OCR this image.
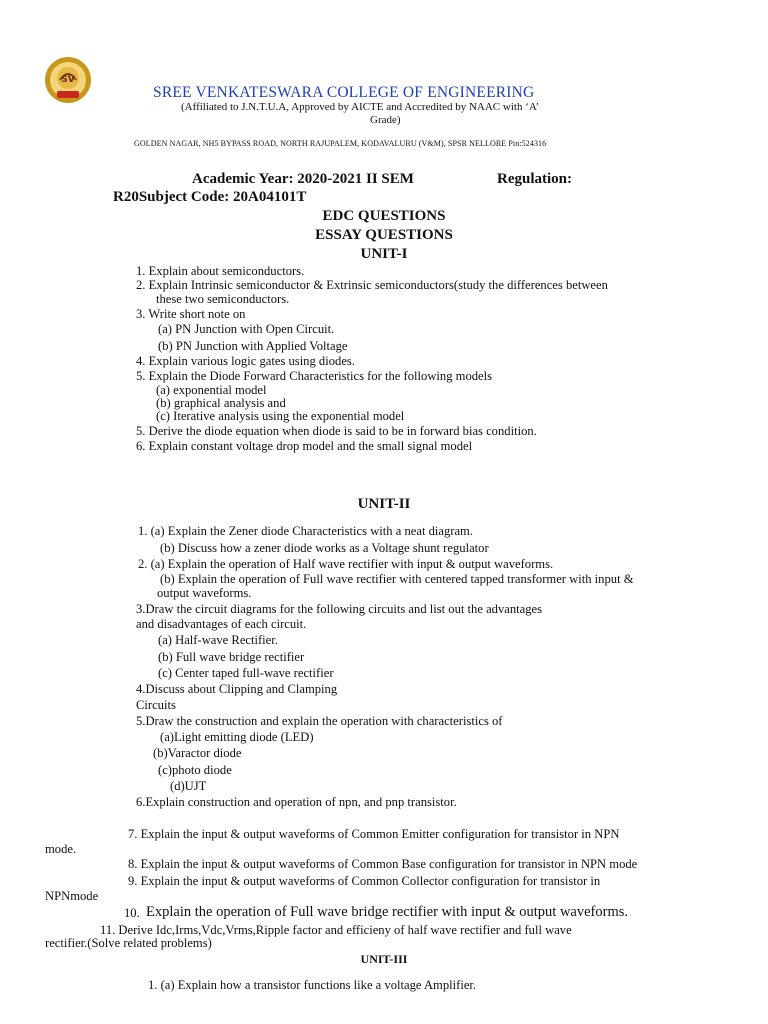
SV
SREE VENKATESWARA COLLEGE OF ENGINEERING
(Affiliated to J.N.T.U.A, Approved by AICTE and Accredited by NAAC with ‘A’
Grade)
GOLDEN NAGAR, NH5 BYPASS ROAD, NORTH RAJUPALEM, KODAVALURU (V&M), SPSR NELLORE Pin:524316
Academic Year: 2020-2021 II SEM	Regulation:
R20Subject Code: 20A04101T
EDC QUESTIONS
ESSAY QUESTIONS
UNIT-I
1. Explain about semiconductors.
2. Explain Intrinsic semiconductor & Extrinsic semiconductors(study the differences between
these two semiconductors.
3. Write short note on
(a) PN Junction with Open Circuit.
(b) PN Junction with Applied Voltage
4. Explain various logic gates using diodes.
5. Explain the Diode Forward Characteristics for the following models
(a) exponential model
(b) graphical analysis and
(c) Iterative analysis using the exponential model
5. Derive the diode equation when diode is said to be in forward bias condition.
6. Explain constant voltage drop model and the small signal model
UNIT-II
1. (a) Explain the Zener diode Characteristics with a neat diagram.
(b) Discuss how a zener diode works as a Voltage shunt regulator
2. (a) Explain the operation of Half wave rectifier with input & output waveforms.
(b) Explain the operation of Full wave rectifier with centered tapped transformer with input &
output waveforms.
3.Draw the circuit diagrams for the following circuits and list out the advantages
and disadvantages of each circuit.
(a) Half-wave Rectifier.
(b) Full wave bridge rectifier
(c) Center taped full-wave rectifier
4.Discuss about Clipping and Clamping
Circuits
5.Draw the construction and explain the operation with characteristics of
(a)Light emitting diode (LED)
(b)Varactor diode
(c)photo diode
(d)UJT
6.Explain construction and operation of npn, and pnp transistor.
7. Explain the input & output waveforms of Common Emitter configuration for transistor in NPN
mode.
8. Explain the input & output waveforms of Common Base configuration for transistor in NPN mode
9. Explain the input & output waveforms of Common Collector configuration for transistor in
NPNmode
10. Explain the operation of Full wave bridge rectifier with input & output waveforms.
11. Derive Idc,Irms,Vdc,Vrms,Ripple factor and efficieny of half wave rectifier and full wave
rectifier.(Solve related problems)
UNIT-III
1. (a) Explain how a transistor functions like a voltage Amplifier.
